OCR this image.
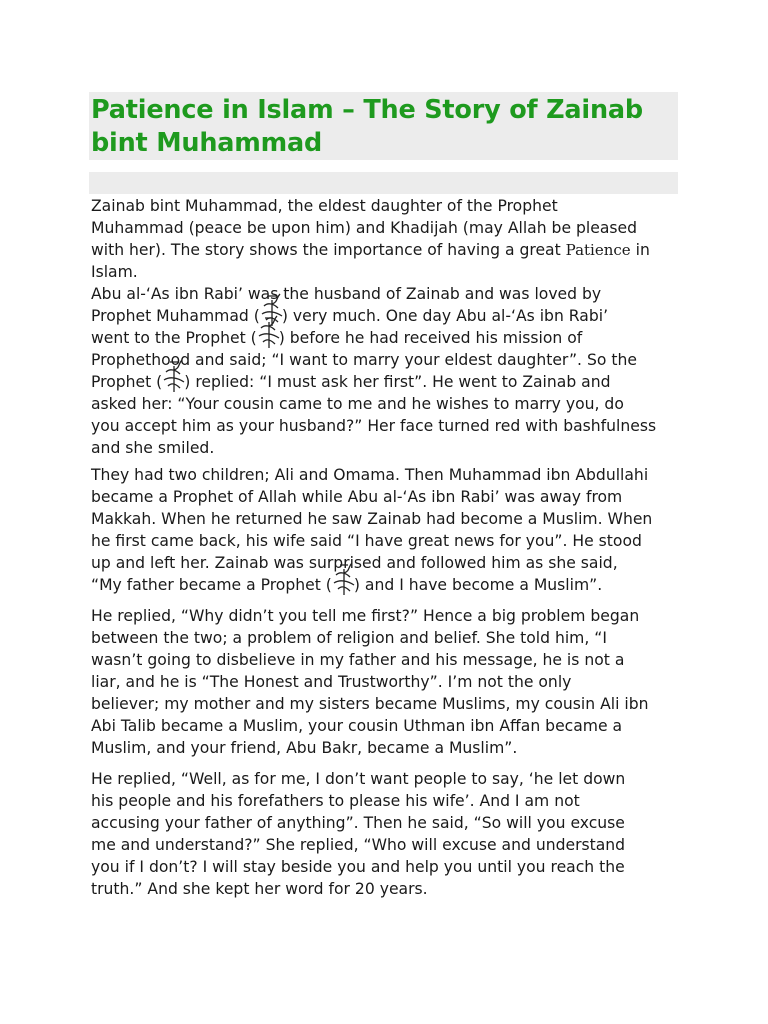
Patience in Islam – The Story of Zainab bint Muhammad

Zainab bint Muhammad, the eldest daughter of the Prophet
Muhammad (peace be upon him) and Khadijah (may Allah be pleased
with her). The story shows the importance of having a great Patience in
Islam.
Abu al-‘As ibn Rabi’ was the husband of Zainab and was loved by
Prophet Muhammad ( ) very much. One day Abu al-‘As ibn Rabi’
went to the Prophet ( ) before he had received his mission of
Prophethood and said; “I want to marry your eldest daughter”. So the
Prophet ( ) replied: “I must ask her first”. He went to Zainab and
asked her: “Your cousin came to me and he wishes to marry you, do
you accept him as your husband?” Her face turned red with bashfulness
and she smiled.

They had two children; Ali and Omama. Then Muhammad ibn Abdullahi
became a Prophet of Allah while Abu al-‘As ibn Rabi’ was away from
Makkah. When he returned he saw Zainab had become a Muslim. When
he first came back, his wife said “I have great news for you”. He stood
up and left her. Zainab was surprised and followed him as she said,
“My father became a Prophet ( ) and I have become a Muslim”.

He replied, “Why didn’t you tell me first?” Hence a big problem began
between the two; a problem of religion and belief. She told him, “I
wasn’t going to disbelieve in my father and his message, he is not a
liar, and he is “The Honest and Trustworthy”. I’m not the only
believer; my mother and my sisters became Muslims, my cousin Ali ibn
Abi Talib became a Muslim, your cousin Uthman ibn Affan became a
Muslim, and your friend, Abu Bakr, became a Muslim”.

He replied, “Well, as for me, I don’t want people to say, ‘he let down
his people and his forefathers to please his wife’. And I am not
accusing your father of anything”. Then he said, “So will you excuse
me and understand?” She replied, “Who will excuse and understand
you if I don’t? I will stay beside you and help you until you reach the
truth.” And she kept her word for 20 years.
